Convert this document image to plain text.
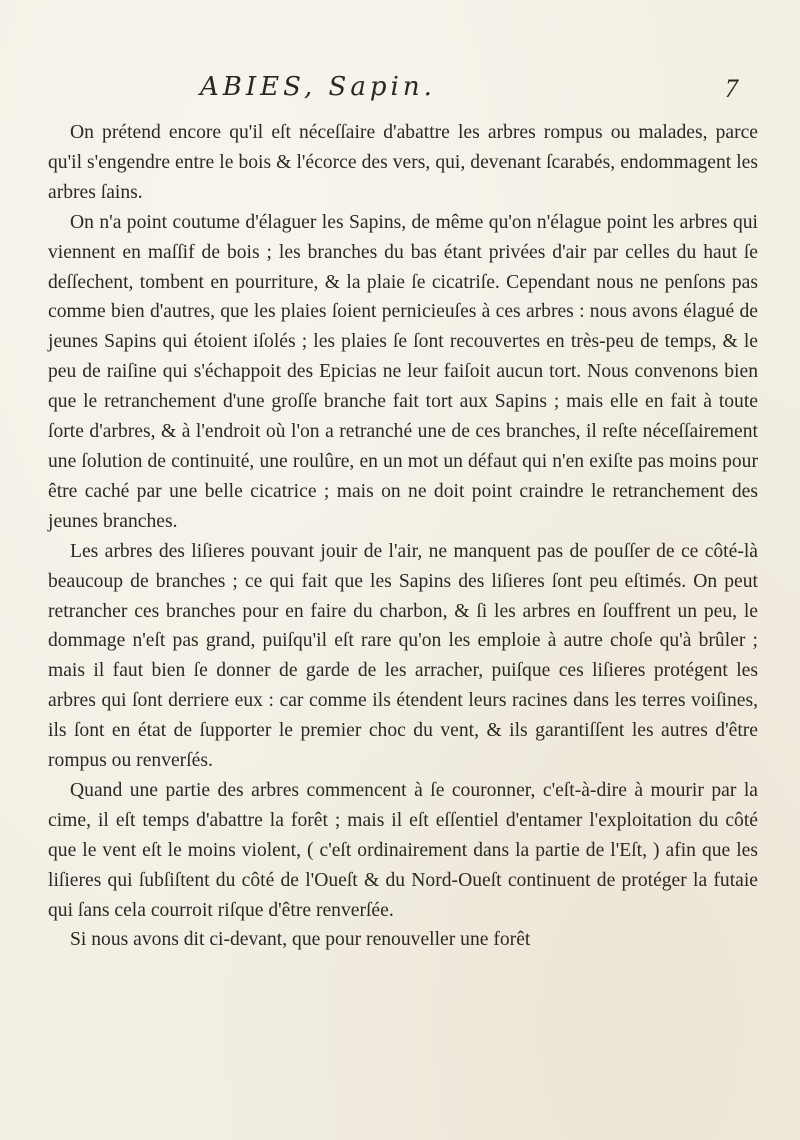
ABIES, Sapin.	7

On prétend encore qu'il eſt néceſſaire d'abattre les arbres rompus ou malades, parce qu'il s'engendre entre le bois & l'écorce des vers, qui, devenant ſcarabés, endommagent les arbres ſains.

On n'a point coutume d'élaguer les Sapins, de même qu'on n'élague point les arbres qui viennent en maſſif de bois ; les branches du bas étant privées d'air par celles du haut ſe deſſechent, tombent en pourriture, & la plaie ſe cicatriſe. Cependant nous ne penſons pas comme bien d'autres, que les plaies ſoient pernicieuſes à ces arbres : nous avons élagué de jeunes Sapins qui étoient iſolés ; les plaies ſe ſont recouvertes en très-peu de temps, & le peu de raiſine qui s'échappoit des Epicias ne leur faiſoit aucun tort. Nous convenons bien que le retranchement d'une groſſe branche fait tort aux Sapins ; mais elle en fait à toute ſorte d'arbres, & à l'endroit où l'on a retranché une de ces branches, il reſte néceſſairement une ſolution de continuité, une roulûre, en un mot un défaut qui n'en exiſte pas moins pour être caché par une belle cicatrice ; mais on ne doit point craindre le retranchement des jeunes branches.

Les arbres des liſieres pouvant jouir de l'air, ne manquent pas de pouſſer de ce côté-là beaucoup de branches ; ce qui fait que les Sapins des liſieres ſont peu eſtimés. On peut retrancher ces branches pour en faire du charbon, & ſi les arbres en ſouffrent un peu, le dommage n'eſt pas grand, puiſqu'il eſt rare qu'on les emploie à autre choſe qu'à brûler ; mais il faut bien ſe donner de garde de les arracher, puiſque ces liſieres protégent les arbres qui ſont derriere eux : car comme ils étendent leurs racines dans les terres voiſines, ils ſont en état de ſupporter le premier choc du vent, & ils garantiſſent les autres d'être rompus ou renverſés.

Quand une partie des arbres commencent à ſe couronner, c'eſt-à-dire à mourir par la cime, il eſt temps d'abattre la forêt ; mais il eſt eſſentiel d'entamer l'exploitation du côté que le vent eſt le moins violent, ( c'eſt ordinairement dans la partie de l'Eſt, ) afin que les liſieres qui ſubſiſtent du côté de l'Oueſt & du Nord-Oueſt continuent de protéger la futaie qui ſans cela courroit riſque d'être renverſée.

Si nous avons dit ci-devant, que pour renouveller une forêt
